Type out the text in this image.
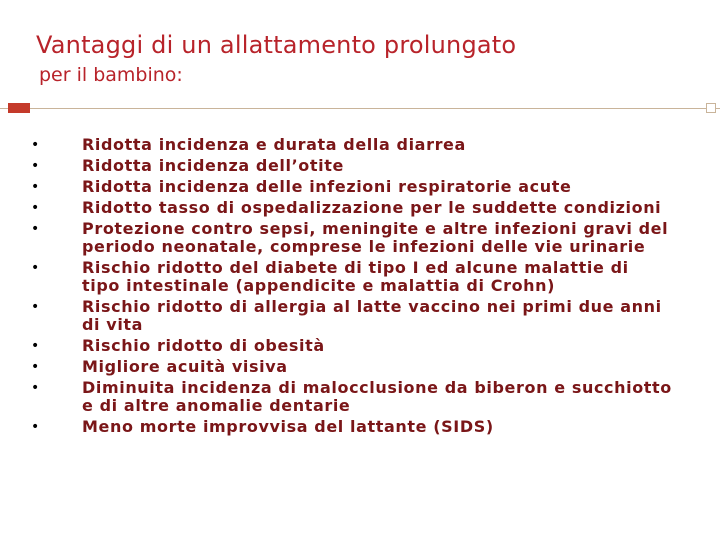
Vantaggi di un allattamento prolungato
per il bambino:
•	Ridotta incidenza e durata della diarrea
•	Ridotta incidenza dell’otite
•	Ridotta incidenza delle infezioni respiratorie acute
•	Ridotto tasso di ospedalizzazione per le suddette condizioni
•	Protezione contro sepsi, meningite e altre infezioni gravi del periodo neonatale, comprese le infezioni delle vie urinarie
•	Rischio ridotto del diabete di tipo I ed alcune malattie di tipo intestinale (appendicite e malattia di Crohn)
•	Rischio ridotto di allergia al latte vaccino nei primi due anni di vita
•	Rischio ridotto di obesità
•	Migliore acuità visiva
•	Diminuita incidenza di malocclusione da biberon e succhiotto e di altre anomalie dentarie
•	Meno morte improvvisa del lattante (SIDS)
